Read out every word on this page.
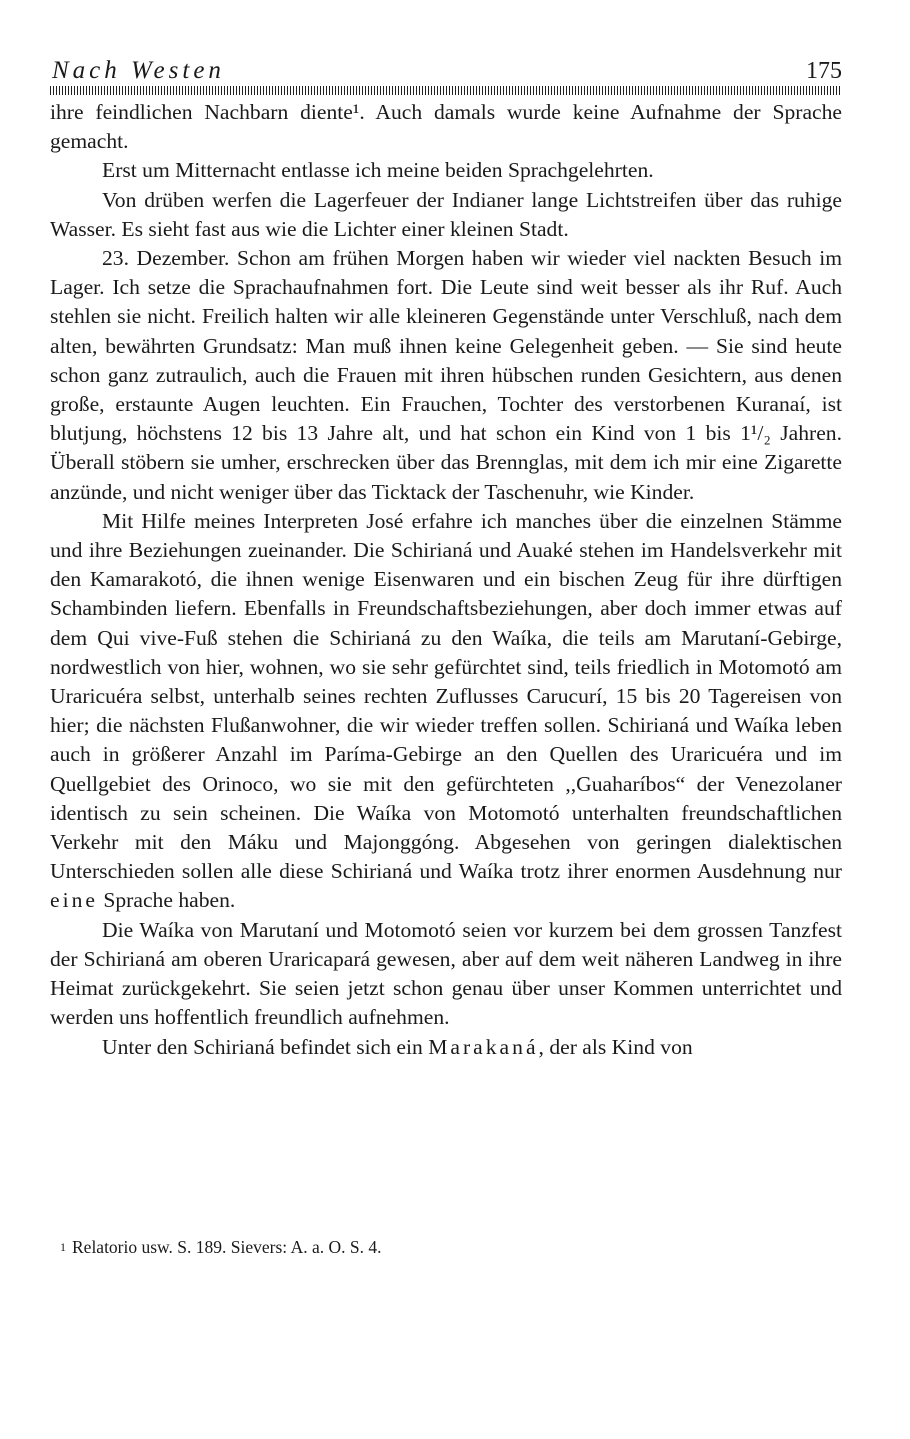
Nach Westen	175

ihre feindlichen Nachbarn diente¹. Auch damals wurde keine Aufnahme der Sprache gemacht.

Erst um Mitternacht entlasse ich meine beiden Sprachgelehrten.

Von drüben werfen die Lagerfeuer der Indianer lange Lichtstreifen über das ruhige Wasser. Es sieht fast aus wie die Lichter einer kleinen Stadt.

23. Dezember. Schon am frühen Morgen haben wir wieder viel nackten Besuch im Lager. Ich setze die Sprachaufnahmen fort. Die Leute sind weit besser als ihr Ruf. Auch stehlen sie nicht. Freilich halten wir alle kleineren Gegenstände unter Verschluß, nach dem alten, bewährten Grundsatz: Man muß ihnen keine Gelegenheit geben. — Sie sind heute schon ganz zutraulich, auch die Frauen mit ihren hübschen runden Gesichtern, aus denen große, erstaunte Augen leuchten. Ein Frauchen, Tochter des verstorbenen Kuranaí, ist blutjung, höchstens 12 bis 13 Jahre alt, und hat schon ein Kind von 1 bis 1¹/₂ Jahren. Überall stöbern sie umher, erschrecken über das Brennglas, mit dem ich mir eine Zigarette anzünde, und nicht weniger über das Ticktack der Taschenuhr, wie Kinder.

Mit Hilfe meines Interpreten José erfahre ich manches über die einzelnen Stämme und ihre Beziehungen zueinander. Die Schirianá und Auaké stehen im Handelsverkehr mit den Kamarakotó, die ihnen wenige Eisenwaren und ein bischen Zeug für ihre dürftigen Schambinden liefern. Ebenfalls in Freundschaftsbeziehungen, aber doch immer etwas auf dem Qui vive-Fuß stehen die Schirianá zu den Waíka, die teils am Marutaní-Gebirge, nordwestlich von hier, wohnen, wo sie sehr gefürchtet sind, teils friedlich in Motomotó am Uraricuéra selbst, unterhalb seines rechten Zuflusses Carucurí, 15 bis 20 Tagereisen von hier; die nächsten Flußanwohner, die wir wieder treffen sollen. Schirianá und Waíka leben auch in größerer Anzahl im Paríma-Gebirge an den Quellen des Uraricuéra und im Quellgebiet des Orinoco, wo sie mit den gefürchteten ,,Guaharíbos“ der Venezolaner identisch zu sein scheinen. Die Waíka von Motomotó unterhalten freundschaftlichen Verkehr mit den Máku und Majonggóng. Abgesehen von geringen dialektischen Unterschieden sollen alle diese Schirianá und Waíka trotz ihrer enormen Ausdehnung nur eine Sprache haben.

Die Waíka von Marutaní und Motomotó seien vor kurzem bei dem grossen Tanzfest der Schirianá am oberen Uraricapará gewesen, aber auf dem weit näheren Landweg in ihre Heimat zurückgekehrt. Sie seien jetzt schon genau über unser Kommen unterrichtet und werden uns hoffentlich freundlich aufnehmen.

Unter den Schirianá befindet sich ein Marakaná, der als Kind von

$^1$ Relatorio usw. S. 189. Sievers: A. a. O. S. 4.
